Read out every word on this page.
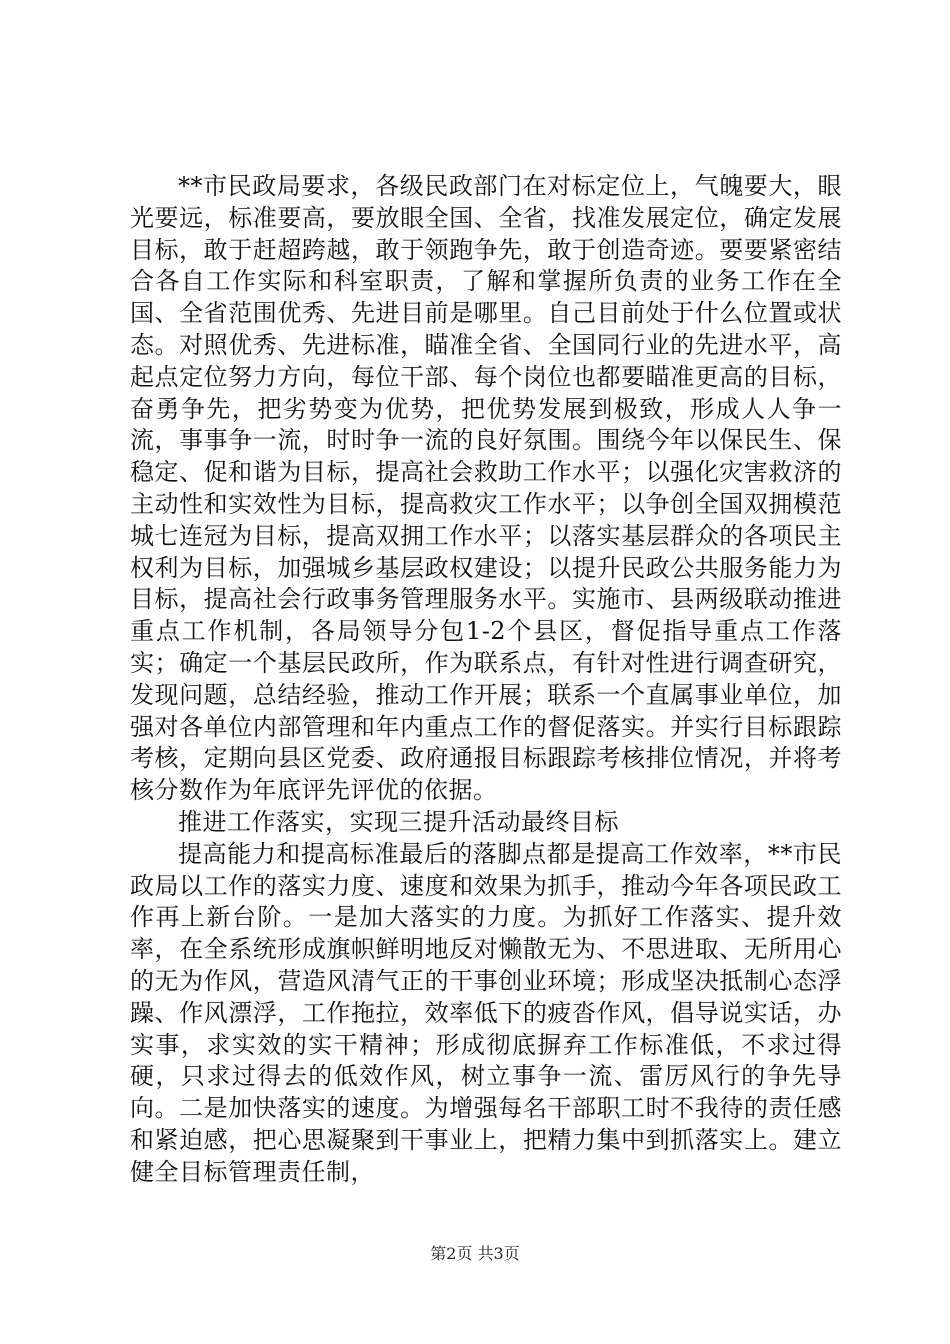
**市民政局要求，各级民政部门在对标定位上，气魄要大，眼光要远，标准要高，要放眼全国、全省，找准发展定位，确定发展目标，敢于赶超跨越，敢于领跑争先，敢于创造奇迹。要要紧密结合各自工作实际和科室职责，了解和掌握所负责的业务工作在全国、全省范围优秀、先进目前是哪里。自己目前处于什么位置或状态。对照优秀、先进标准，瞄准全省、全国同行业的先进水平，高起点定位努力方向，每位干部、每个岗位也都要瞄准更高的目标，奋勇争先，把劣势变为优势，把优势发展到极致，形成人人争一流，事事争一流，时时争一流的良好氛围。围绕今年以保民生、保稳定、促和谐为目标，提高社会救助工作水平；以强化灾害救济的主动性和实效性为目标，提高救灾工作水平；以争创全国双拥模范城七连冠为目标，提高双拥工作水平；以落实基层群众的各项民主权利为目标，加强城乡基层政权建设；以提升民政公共服务能力为目标，提高社会行政事务管理服务水平。实施市、县两级联动推进重点工作机制，各局领导分包1-2个县区，督促指导重点工作落实；确定一个基层民政所，作为联系点，有针对性进行调查研究，发现问题，总结经验，推动工作开展；联系一个直属事业单位，加强对各单位内部管理和年内重点工作的督促落实。并实行目标跟踪考核，定期向县区党委、政府通报目标跟踪考核排位情况，并将考核分数作为年底评先评优的依据。

推进工作落实，实现三提升活动最终目标

提高能力和提高标准最后的落脚点都是提高工作效率，**市民政局以工作的落实力度、速度和效果为抓手，推动今年各项民政工作再上新台阶。一是加大落实的力度。为抓好工作落实、提升效率，在全系统形成旗帜鲜明地反对懒散无为、不思进取、无所用心的无为作风，营造风清气正的干事创业环境；形成坚决抵制心态浮躁、作风漂浮，工作拖拉，效率低下的疲沓作风，倡导说实话，办实事，求实效的实干精神；形成彻底摒弃工作标准低，不求过得硬，只求过得去的低效作风，树立事争一流、雷厉风行的争先导向。二是加快落实的速度。为增强每名干部职工时不我待的责任感和紧迫感，把心思凝聚到干事业上，把精力集中到抓落实上。建立健全目标管理责任制，

第2页 共3页
